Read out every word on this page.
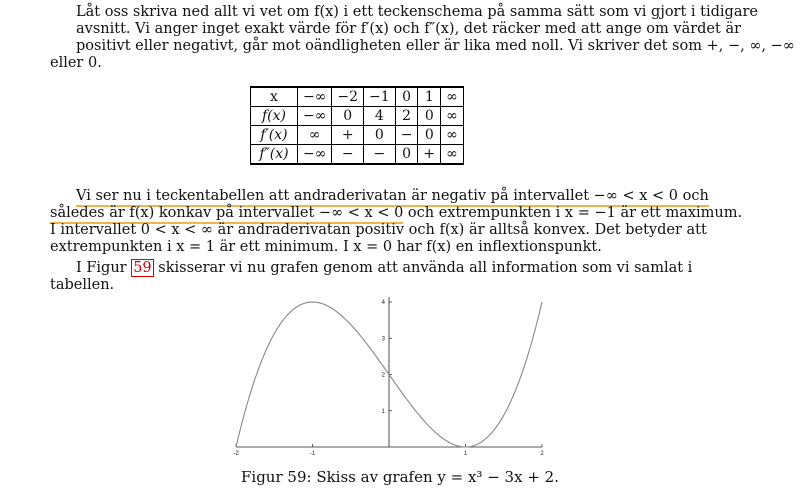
Låt oss skriva ned allt vi vet om f(x) i ett teckenschema på samma sätt som vi gjort i tidigare
avsnitt. Vi anger inget exakt värde för f′(x) och f″(x), det räcker med att ange om värdet är
positivt eller negativt, går mot oändligheten eller är lika med noll. Vi skriver det som +, −, ∞, −∞
eller 0.
x	−∞	−2	−1	0	1	∞
f(x)	−∞	0	4	2	0	∞
f′(x)	∞	+	0	−	0	∞
f″(x)	−∞	−	−	0	+	∞
Vi ser nu i teckentabellen att andraderivatan är negativ på intervallet −∞ < x < 0 och
således är f(x) konkav på intervallet −∞ < x < 0 och extrempunkten i x = −1 är ett maximum.
I intervallet 0 < x < ∞ är andraderivatan positiv och f(x) är alltså konvex. Det betyder att
extrempunkten i x = 1 är ett minimum. I x = 0 har f(x) en inflextionspunkt.
I Figur 59 skisserar vi nu grafen genom att använda all information som vi samlat i tabellen.
-2	-1	1	2
1
2
3
4
Figur 59: Skiss av grafen y = x³ − 3x + 2.
